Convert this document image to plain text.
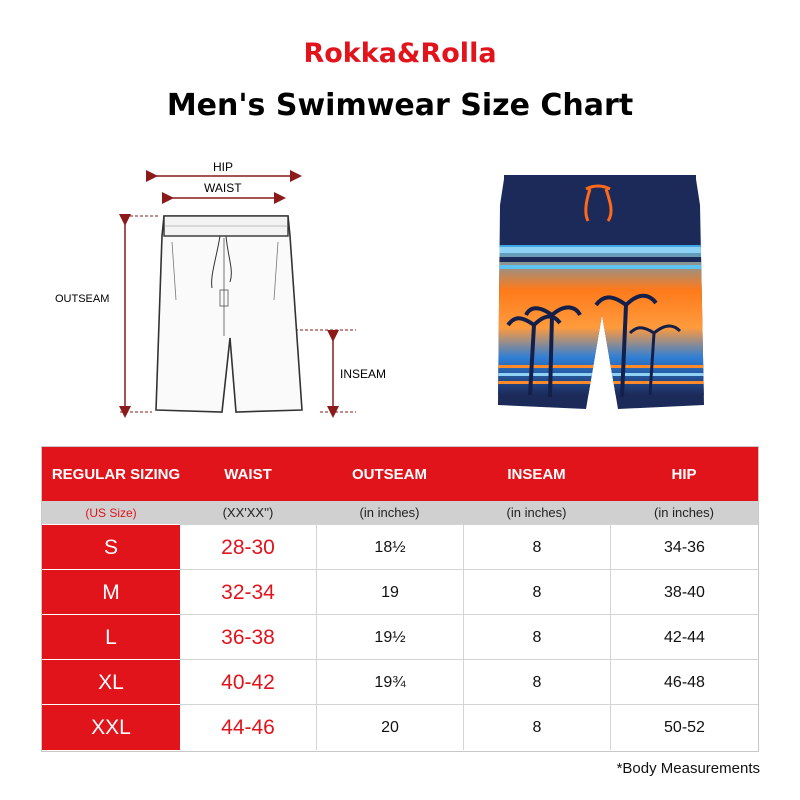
Rokka&Rolla
Men's Swimwear Size Chart
HIP
WAIST
OUTSEAM
INSEAM
REGULAR SIZING	WAIST	OUTSEAM	INSEAM	HIP
(US Size)	(XX'XX'')	(in inches)	(in inches)	(in inches)
S	28-30	18½	8	34-36
M	32-34	19	8	38-40
L	36-38	19½	8	42-44
XL	40-42	19¾	8	46-48
XXL	44-46	20	8	50-52
*Body Measurements
